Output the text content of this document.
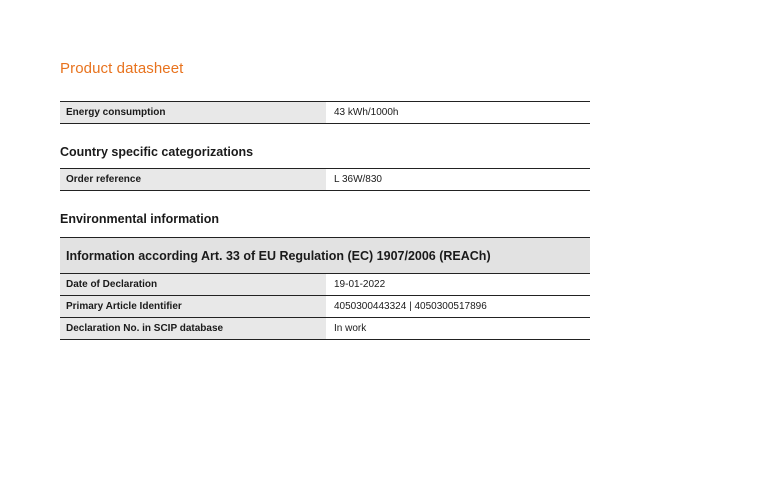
Product datasheet
Energy consumption	43 kWh/1000h
Country specific categorizations
Order reference	L 36W/830
Environmental information
Information according Art. 33 of EU Regulation (EC) 1907/2006 (REACh)
Date of Declaration	19-01-2022
Primary Article Identifier	4050300443324 | 4050300517896
Declaration No. in SCIP database	In work
